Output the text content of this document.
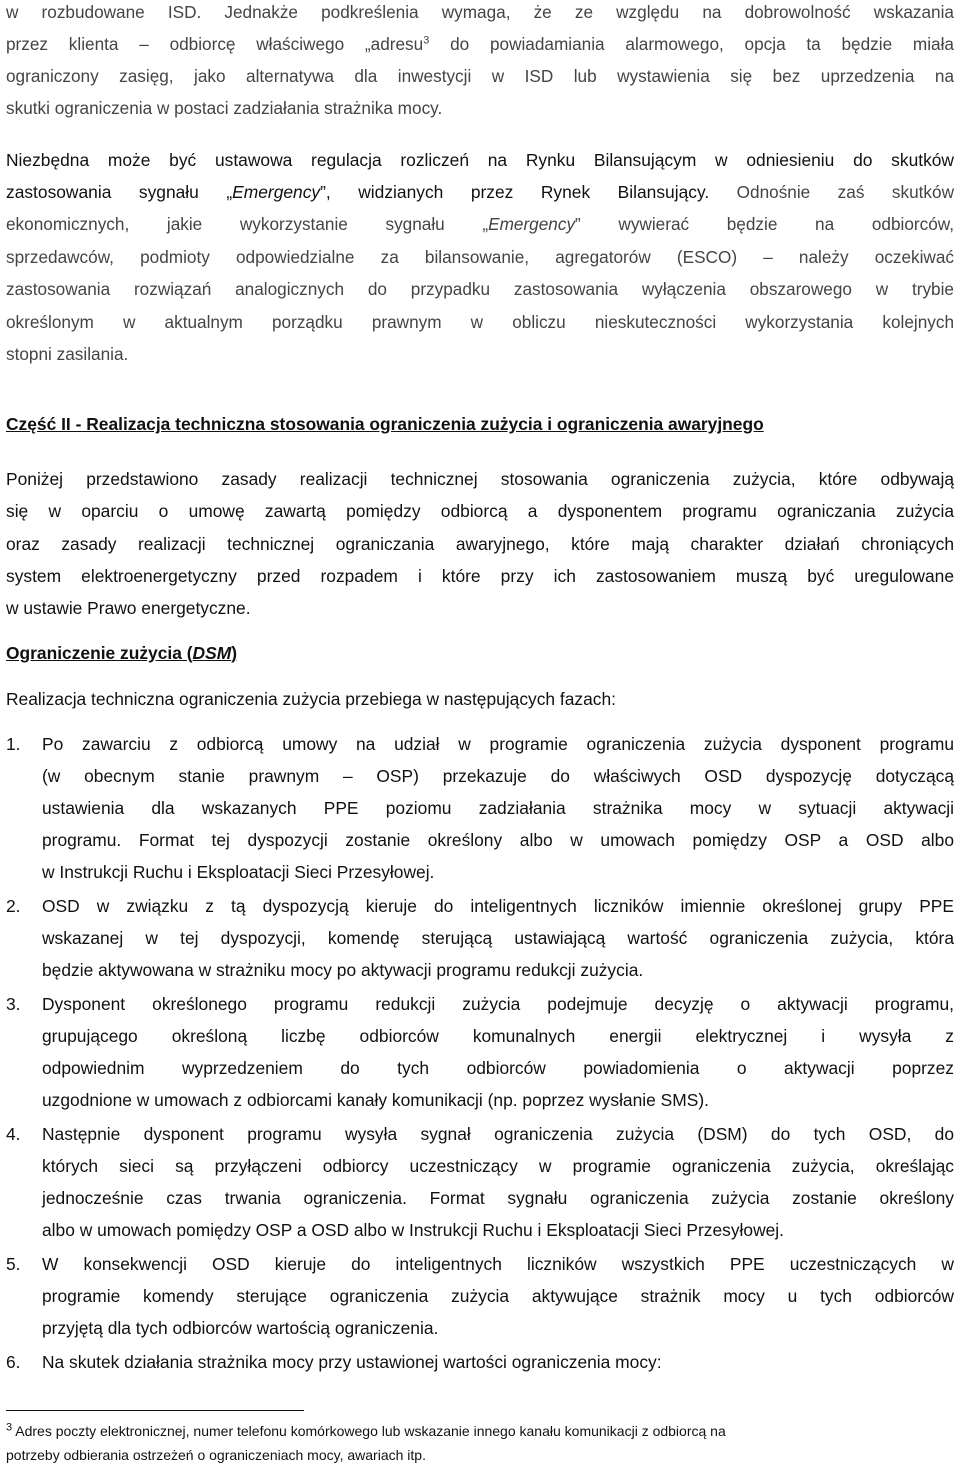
w rozbudowane ISD. Jednakże podkreślenia wymaga, że ze względu na dobrowolność wskazania
przez klienta – odbiorcę właściwego „adresu$^3$ do powiadamiania alarmowego, opcja ta będzie miała
ograniczony zasięg, jako alternatywa dla inwestycji w ISD lub wystawienia się bez uprzedzenia na
skutki ograniczenia w postaci zadziałania strażnika mocy.
Niezbędna może być ustawowa regulacja rozliczeń na Rynku Bilansującym w odniesieniu do skutków
zastosowania sygnału „Emergency”, widzianych przez Rynek Bilansujący. Odnośnie zaś skutków
ekonomicznych, jakie wykorzystanie sygnału „Emergency” wywierać będzie na odbiorców,
sprzedawców, podmioty odpowiedzialne za bilansowanie, agregatorów (ESCO) – należy oczekiwać
zastosowania rozwiązań analogicznych do przypadku zastosowania wyłączenia obszarowego w trybie
określonym w aktualnym porządku prawnym w obliczu nieskuteczności wykorzystania kolejnych
stopni zasilania.
Część II - Realizacja techniczna stosowania ograniczenia zużycia i ograniczenia awaryjnego
Poniżej przedstawiono zasady realizacji technicznej stosowania ograniczenia zużycia, które odbywają
się w oparciu o umowę zawartą pomiędzy odbiorcą a dysponentem programu ograniczania zużycia
oraz zasady realizacji technicznej ograniczania awaryjnego, które mają charakter działań chroniących
system elektroenergetyczny przed rozpadem i które przy ich zastosowaniem muszą być uregulowane
w ustawie Prawo energetyczne.
Ograniczenie zużycia (DSM)
Realizacja techniczna ograniczenia zużycia przebiega w następujących fazach:
1.	Po zawarciu z odbiorcą umowy na udział w programie ograniczenia zużycia dysponent programu
(w obecnym stanie prawnym – OSP) przekazuje do właściwych OSD dyspozycję dotyczącą
ustawienia dla wskazanych PPE poziomu zadziałania strażnika mocy w sytuacji aktywacji
programu. Format tej dyspozycji zostanie określony albo w umowach pomiędzy OSP a OSD albo
w Instrukcji Ruchu i Eksploatacji Sieci Przesyłowej.
2.	OSD w związku z tą dyspozycją kieruje do inteligentnych liczników imiennie określonej grupy PPE
wskazanej w tej dyspozycji, komendę sterującą ustawiającą wartość ograniczenia zużycia, która
będzie aktywowana w strażniku mocy po aktywacji programu redukcji zużycia.
3.	Dysponent określonego programu redukcji zużycia podejmuje decyzję o aktywacji programu,
grupującego określoną liczbę odbiorców komunalnych energii elektrycznej i wysyła z
odpowiednim wyprzedzeniem do tych odbiorców powiadomienia o aktywacji poprzez
uzgodnione w umowach z odbiorcami kanały komunikacji (np. poprzez wysłanie SMS).
4.	Następnie dysponent programu wysyła sygnał ograniczenia zużycia (DSM) do tych OSD, do
których sieci są przyłączeni odbiorcy uczestniczący w programie ograniczenia zużycia, określając
jednocześnie czas trwania ograniczenia. Format sygnału ograniczenia zużycia zostanie określony
albo w umowach pomiędzy OSP a OSD albo w Instrukcji Ruchu i Eksploatacji Sieci Przesyłowej.
5.	W konsekwencji OSD kieruje do inteligentnych liczników wszystkich PPE uczestniczących w
programie komendy sterujące ograniczenia zużycia aktywujące strażnik mocy u tych odbiorców
przyjętą dla tych odbiorców wartością ograniczenia.
6.	Na skutek działania strażnika mocy przy ustawionej wartości ograniczenia mocy:
$^3$ Adres poczty elektronicznej, numer telefonu komórkowego lub wskazanie innego kanału komunikacji z odbiorcą na
potrzeby odbierania ostrzeżeń o ograniczeniach mocy, awariach itp.
